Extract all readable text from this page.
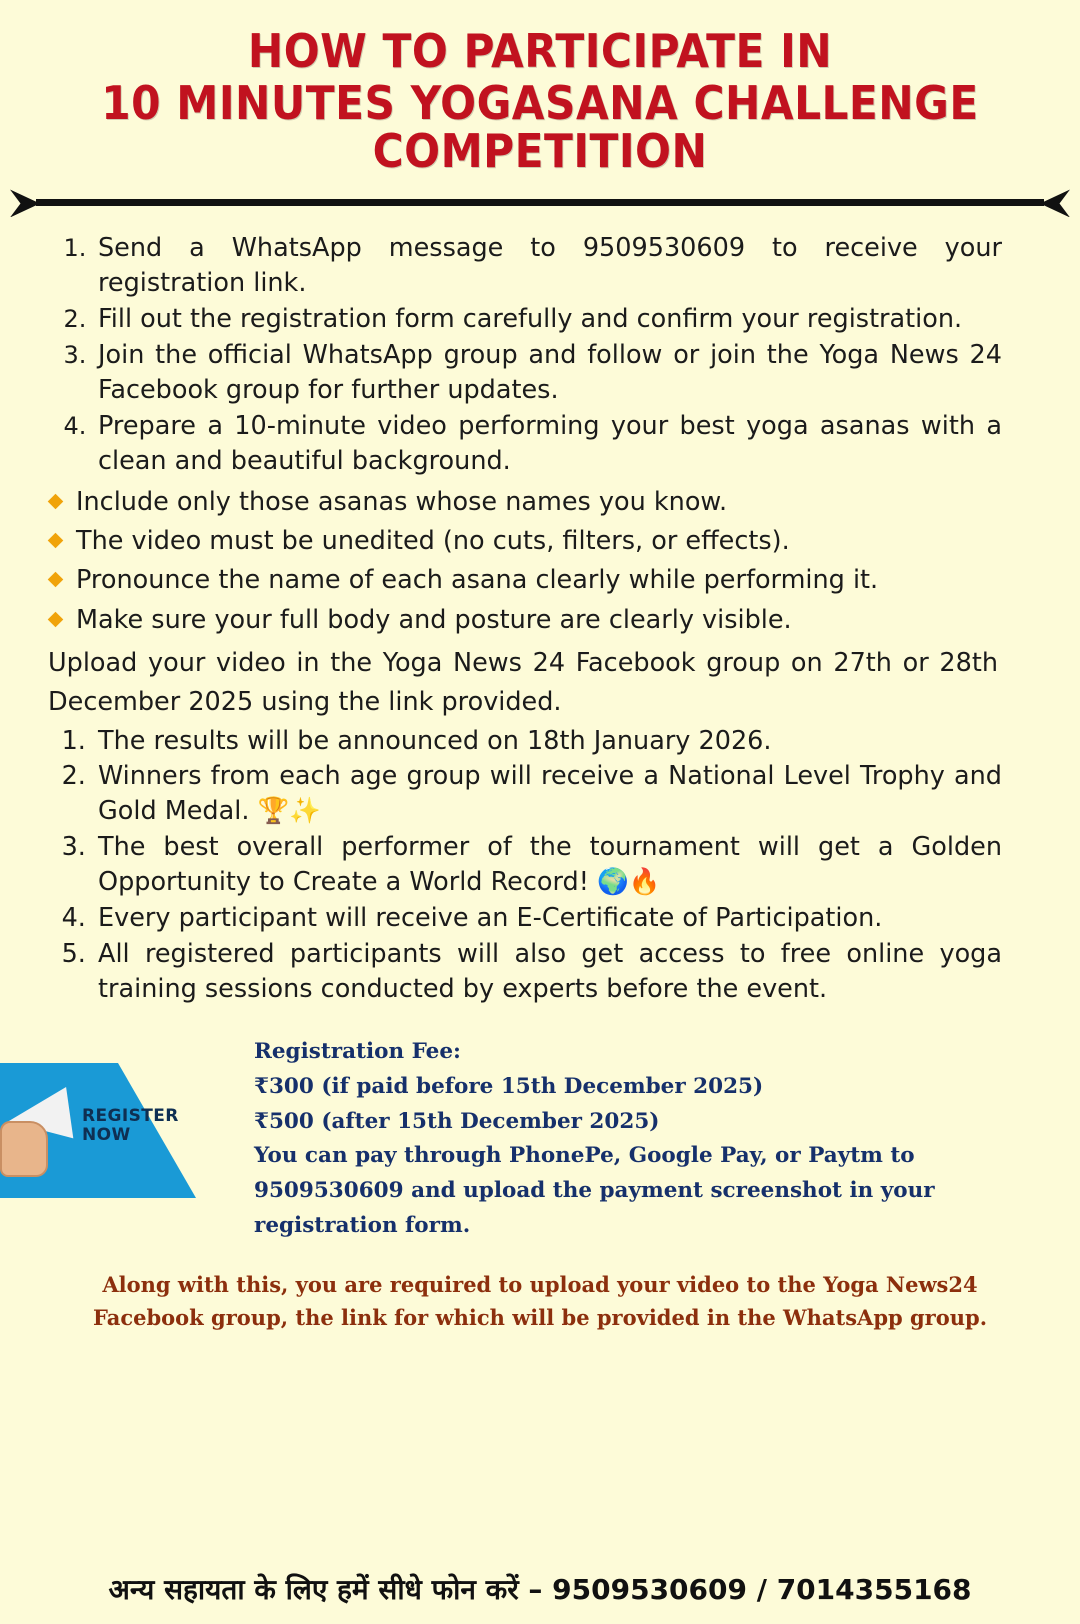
HOW TO PARTICIPATE IN
10 MINUTES YOGASANA CHALLENGE COMPETITION
1. Send a WhatsApp message to 9509530609 to receive your registration link.
2. Fill out the registration form carefully and confirm your registration.
3. Join the official WhatsApp group and follow or join the Yoga News 24 Facebook group for further updates.
4. Prepare a 10-minute video performing your best yoga asanas with a clean and beautiful background.
Include only those asanas whose names you know.
The video must be unedited (no cuts, filters, or effects).
Pronounce the name of each asana clearly while performing it.
Make sure your full body and posture are clearly visible.

Upload your video in the Yoga News 24 Facebook group on 27th or 28th December 2025 using the link provided.

1. The results will be announced on 18th January 2026.
2. Winners from each age group will receive a National Level Trophy and Gold Medal. 🏆✨
3. The best overall performer of the tournament will get a Golden Opportunity to Create a World Record! 🌍🔥
4. Every participant will receive an E-Certificate of Participation.
5. All registered participants will also get access to free online yoga training sessions conducted by experts before the event.
REGISTER
NOW
Registration Fee:
₹300 (if paid before 15th December 2025)
₹500 (after 15th December 2025)
You can pay through PhonePe, Google Pay, or Paytm to
9509530609 and upload the payment screenshot in your
registration form.
Along with this, you are required to upload your video to the Yoga News24
Facebook group, the link for which will be provided in the WhatsApp group.
अन्य सहायता के लिए हमें सीधे फोन करें – 9509530609 / 7014355168
